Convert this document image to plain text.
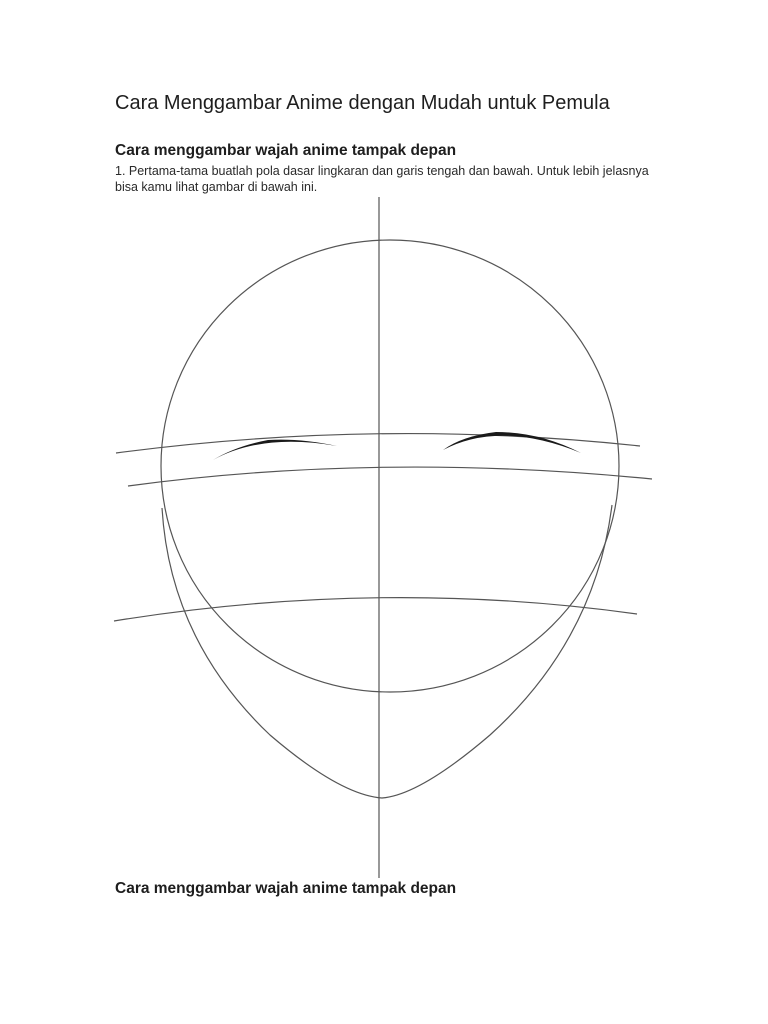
Cara Menggambar Anime dengan Mudah untuk Pemula
Cara menggambar wajah anime tampak depan

1. Pertama-tama buatlah pola dasar lingkaran dan garis tengah dan bawah. Untuk lebih jelasnya bisa kamu lihat gambar di bawah ini.

Cara menggambar wajah anime tampak depan
